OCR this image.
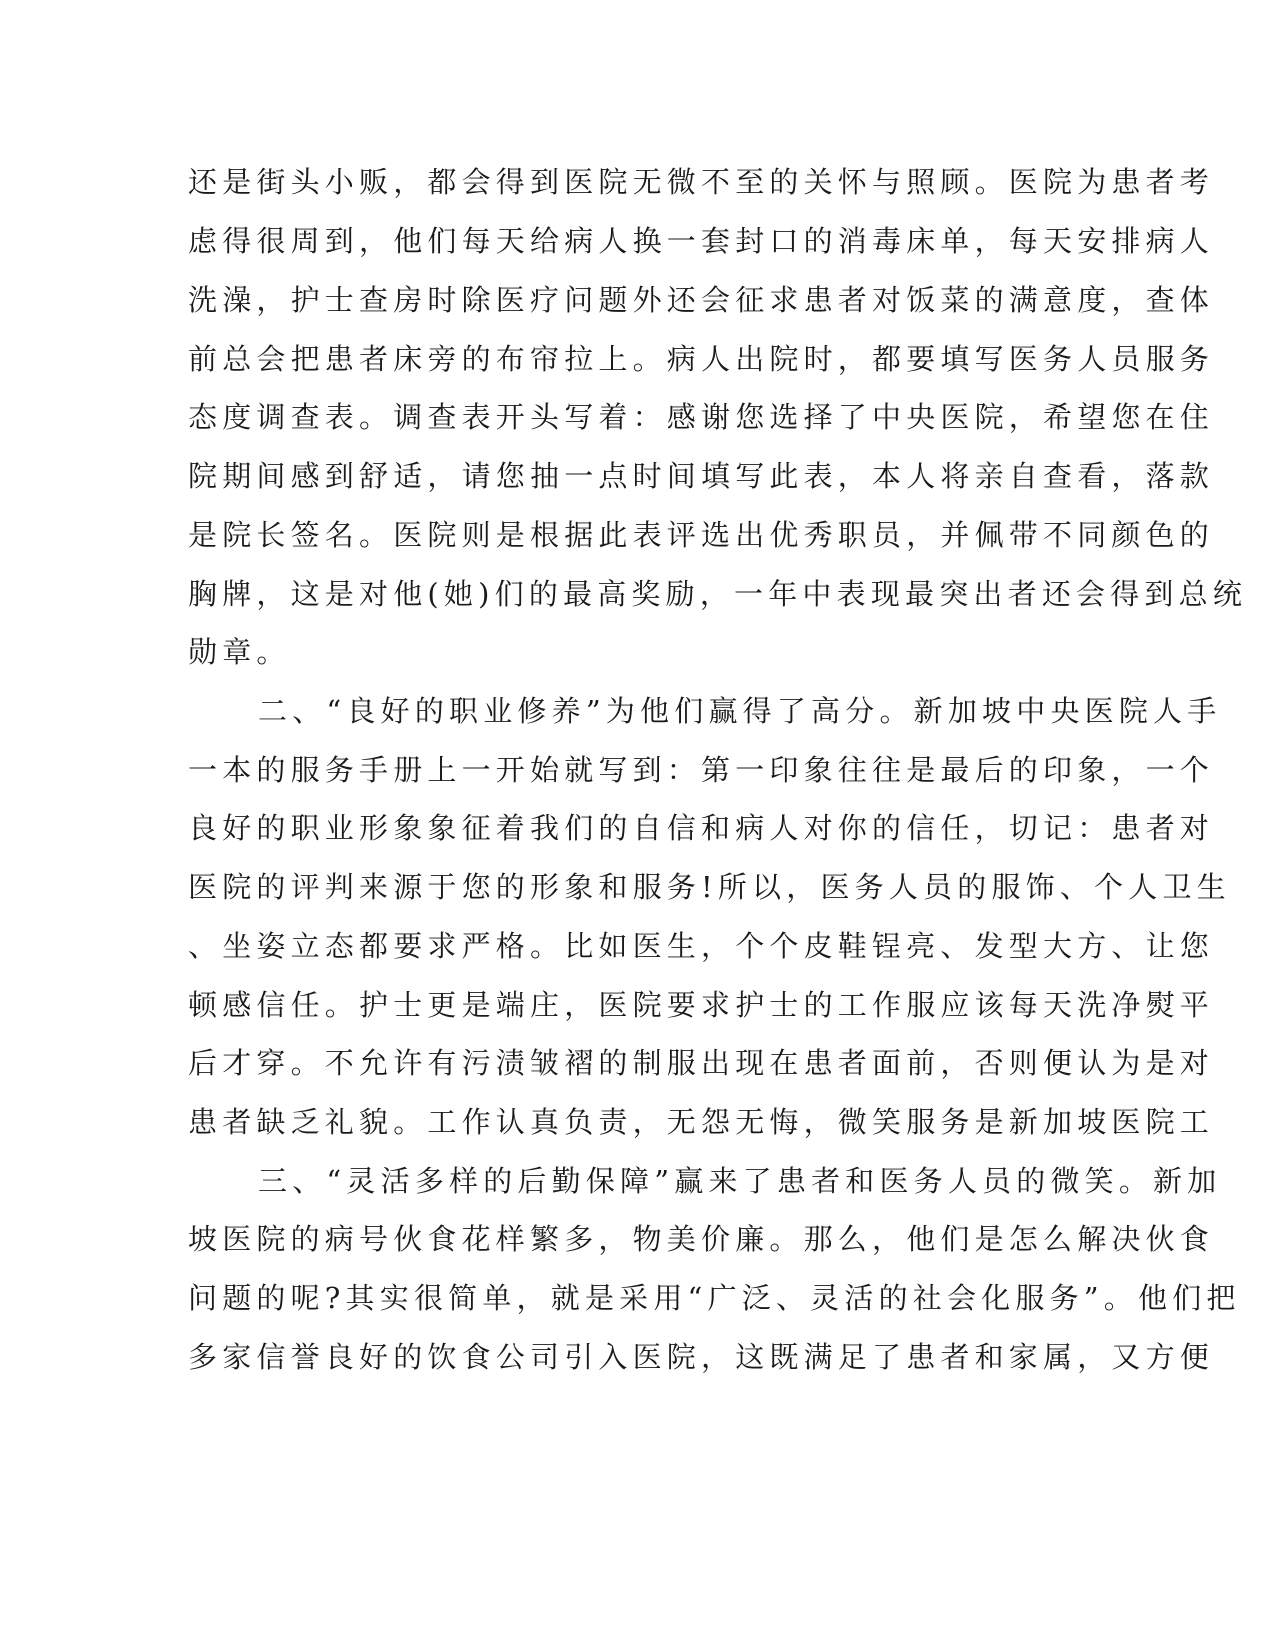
还是街头小贩，都会得到医院无微不至的关怀与照顾。医院为患者考

虑得很周到，他们每天给病人换一套封口的消毒床单，每天安排病人

洗澡，护士查房时除医疗问题外还会征求患者对饭菜的满意度，查体

前总会把患者床旁的布帘拉上。病人出院时，都要填写医务人员服务

态度调查表。调查表开头写着：感谢您选择了中央医院，希望您在住

院期间感到舒适，请您抽一点时间填写此表，本人将亲自查看，落款

是院长签名。医院则是根据此表评选出优秀职员，并佩带不同颜色的

胸牌，这是对他(她)们的最高奖励，一年中表现最突出者还会得到总统

勋章。

二、“良好的职业修养”为他们赢得了高分。新加坡中央医院人手

一本的服务手册上一开始就写到：第一印象往往是最后的印象，一个

良好的职业形象象征着我们的自信和病人对你的信任，切记：患者对

医院的评判来源于您的形象和服务!所以，医务人员的服饰、个人卫生

、坐姿立态都要求严格。比如医生，个个皮鞋锃亮、发型大方、让您

顿感信任。护士更是端庄，医院要求护士的工作服应该每天洗净熨平

后才穿。不允许有污渍皱褶的制服出现在患者面前，否则便认为是对

患者缺乏礼貌。工作认真负责，无怨无悔，微笑服务是新加坡医院工

三、“灵活多样的后勤保障”赢来了患者和医务人员的微笑。新加

坡医院的病号伙食花样繁多，物美价廉。那么，他们是怎么解决伙食

问题的呢?其实很简单，就是采用“广泛、灵活的社会化服务”。他们把

多家信誉良好的饮食公司引入医院，这既满足了患者和家属，又方便
